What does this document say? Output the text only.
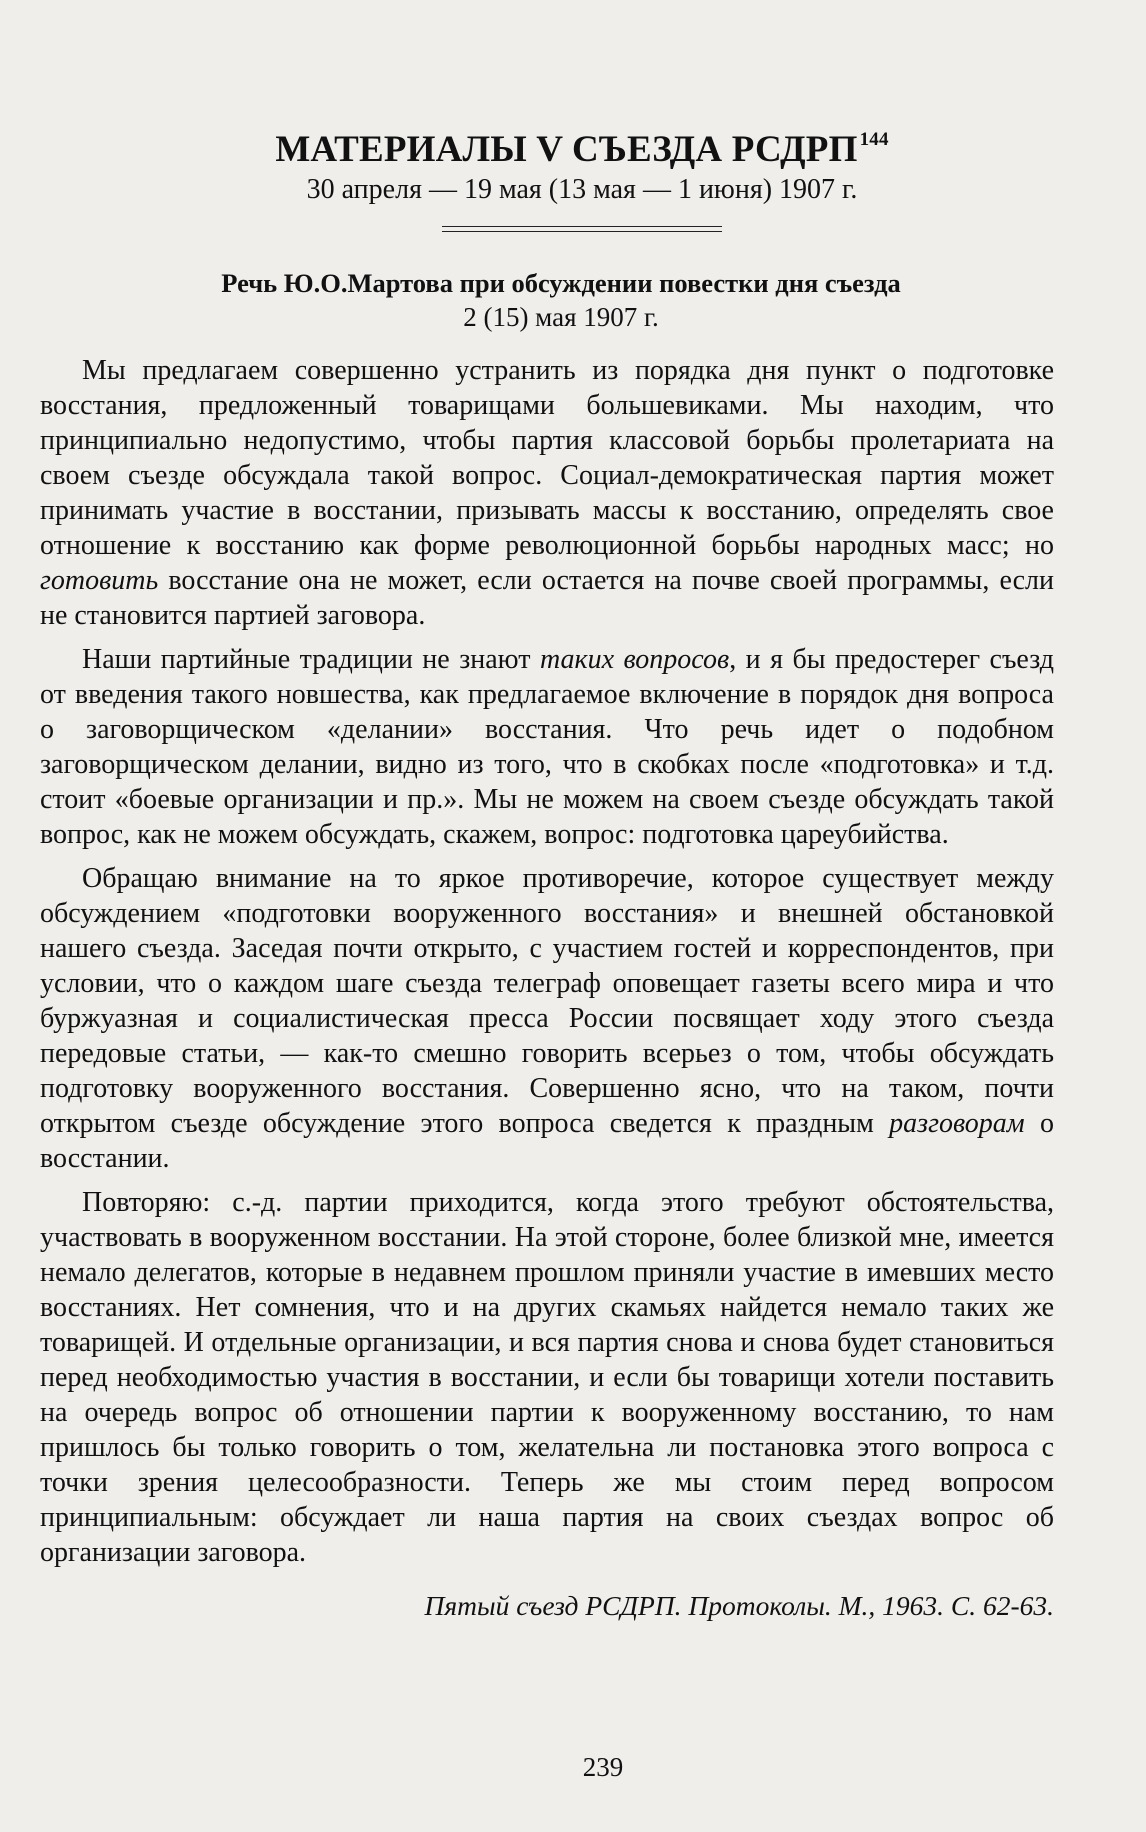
МАТЕРИАЛЫ V СЪЕЗДА РСДРП $^{144}$
30 апреля — 19 мая (13 мая — 1 июня) 1907 г.
Речь Ю.О.Мартова при обсуждении повестки дня съезда
2 (15) мая 1907 г.

Мы предлагаем совершенно устранить из порядка дня пункт о подготовке восстания, предложенный товарищами большевиками. Мы находим, что принципиально недопустимо, чтобы партия классовой борьбы пролетариата на своем съезде обсуждала такой вопрос. Социал-демократическая партия может принимать участие в восстании, призывать массы к восстанию, определять свое отношение к восстанию как форме революционной борьбы народных масс; но готовить восстание она не может, если остается на почве своей программы, если не становится партией заговора.

Наши партийные традиции не знают таких вопросов, и я бы предостерег съезд от введения такого новшества, как предлагаемое включение в порядок дня вопроса о заговорщическом «делании» восстания. Что речь идет о подобном заговорщическом делании, видно из того, что в скобках после «подготовка» и т.д. стоит «боевые организации и пр.». Мы не можем на своем съезде обсуждать такой вопрос, как не можем обсуждать, скажем, вопрос: подготовка цареубийства.

Обращаю внимание на то яркое противоречие, которое существует между обсуждением «подготовки вооруженного восстания» и внешней обстановкой нашего съезда. Заседая почти открыто, с участием гостей и корреспондентов, при условии, что о каждом шаге съезда телеграф оповещает газеты всего мира и что буржуазная и социалистическая пресса России посвящает ходу этого съезда передовые статьи, — как-то смешно говорить всерьез о том, чтобы обсуждать подготовку вооруженного восстания. Совершенно ясно, что на таком, почти открытом съезде обсуждение этого вопроса сведется к праздным разговорам о восстании.

Повторяю: с.-д. партии приходится, когда этого требуют обстоятельства, участвовать в вооруженном восстании. На этой стороне, более близкой мне, имеется немало делегатов, которые в недавнем прошлом приняли участие в имевших место восстаниях. Нет сомнения, что и на других скамьях найдется немало таких же товарищей. И отдельные организации, и вся партия снова и снова будет становиться перед необходимостью участия в восстании, и если бы товарищи хотели поставить на очередь вопрос об отношении партии к вооруженному восстанию, то нам пришлось бы только говорить о том, желательна ли постановка этого вопроса с точки зрения целесообразности. Теперь же мы стоим перед вопросом принципиальным: обсуждает ли наша партия на своих съездах вопрос об организации заговора.

Пятый съезд РСДРП. Протоколы. М., 1963. С. 62-63.
239
